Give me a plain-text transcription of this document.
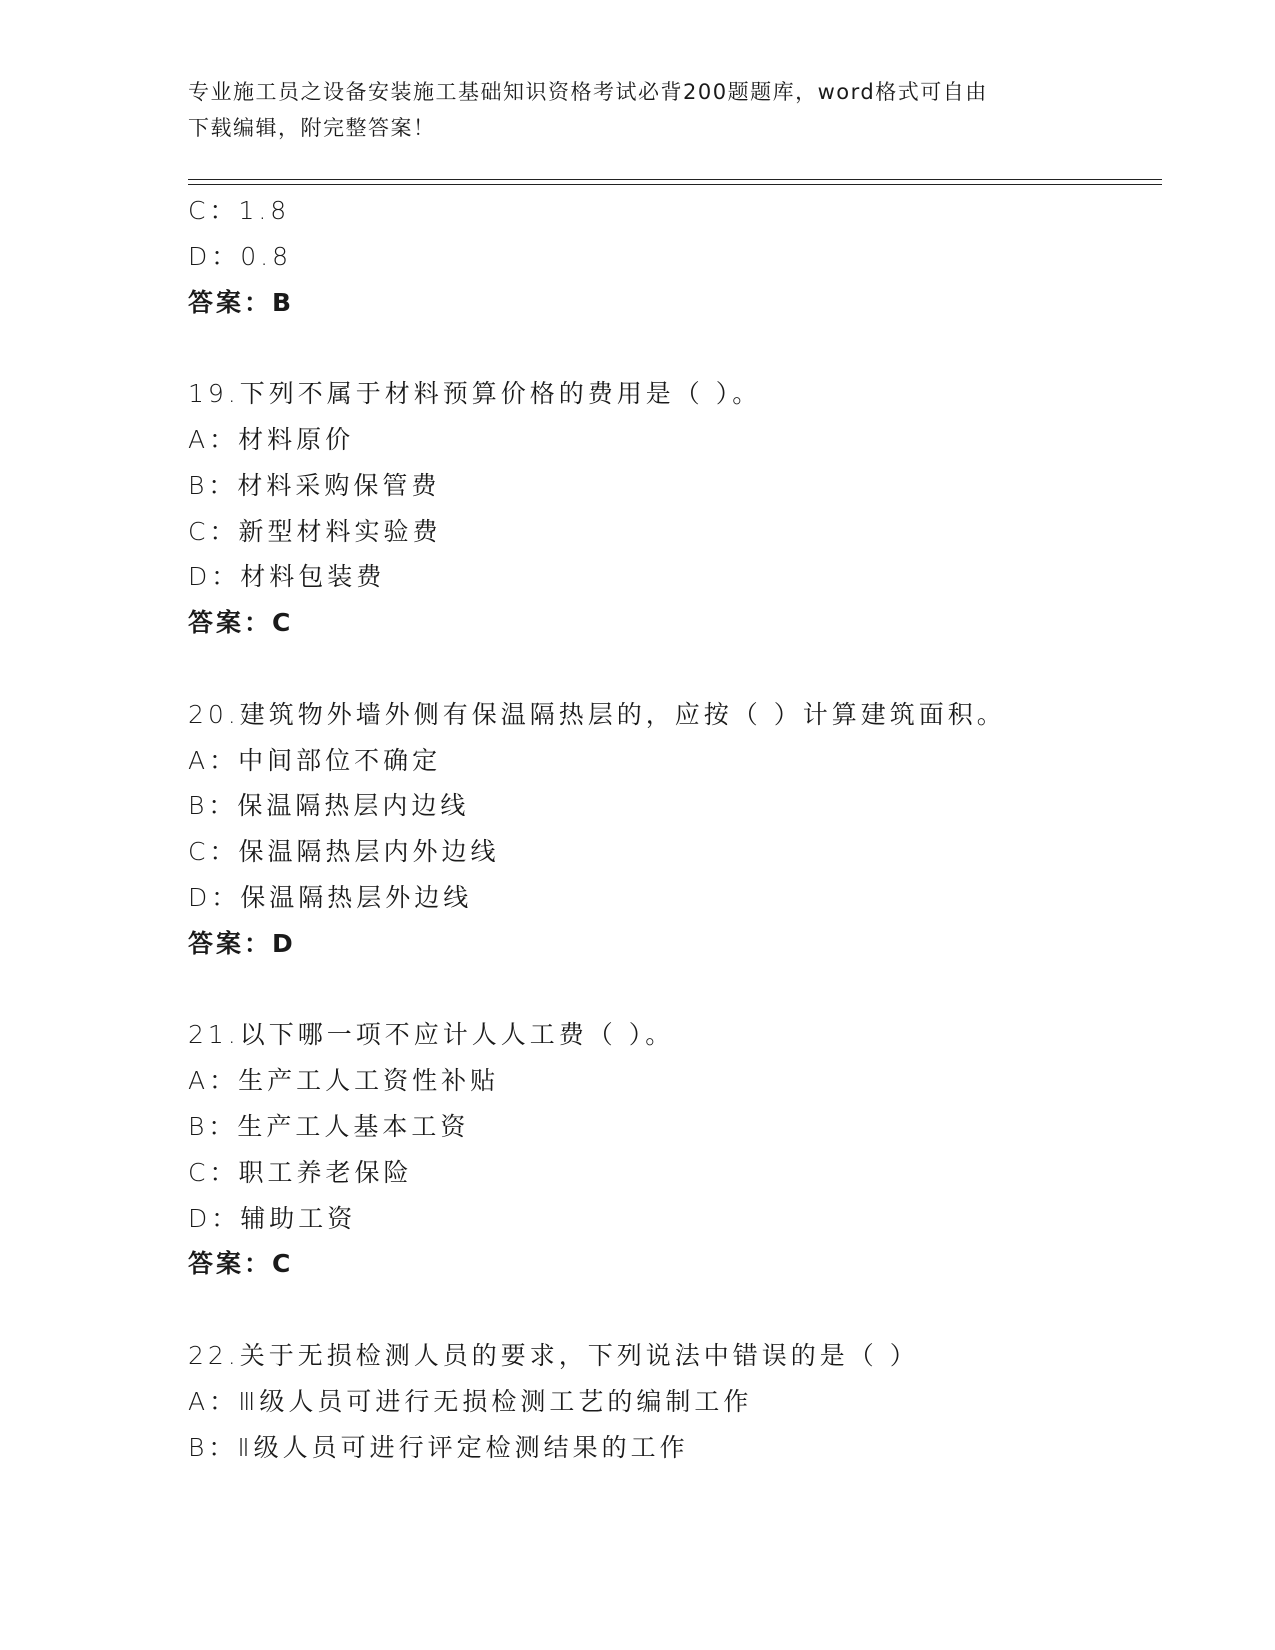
专业施工员之设备安装施工基础知识资格考试必背200题题库，word格式可自由
下载编辑，附完整答案！
C：1.8
D：0.8
答案：B
19.下列不属于材料预算价格的费用是（ ）。
A：材料原价
B：材料采购保管费
C：新型材料实验费
D：材料包装费
答案：C
20.建筑物外墙外侧有保温隔热层的，应按（ ）计算建筑面积。
A：中间部位不确定
B：保温隔热层内边线
C：保温隔热层内外边线
D：保温隔热层外边线
答案：D
21.以下哪一项不应计人人工费（ ）。
A：生产工人工资性补贴
B：生产工人基本工资
C：职工养老保险
D：辅助工资
答案：C
22.关于无损检测人员的要求，下列说法中错误的是（ ）
A：Ⅲ级人员可进行无损检测工艺的编制工作
B：Ⅱ级人员可进行评定检测结果的工作
